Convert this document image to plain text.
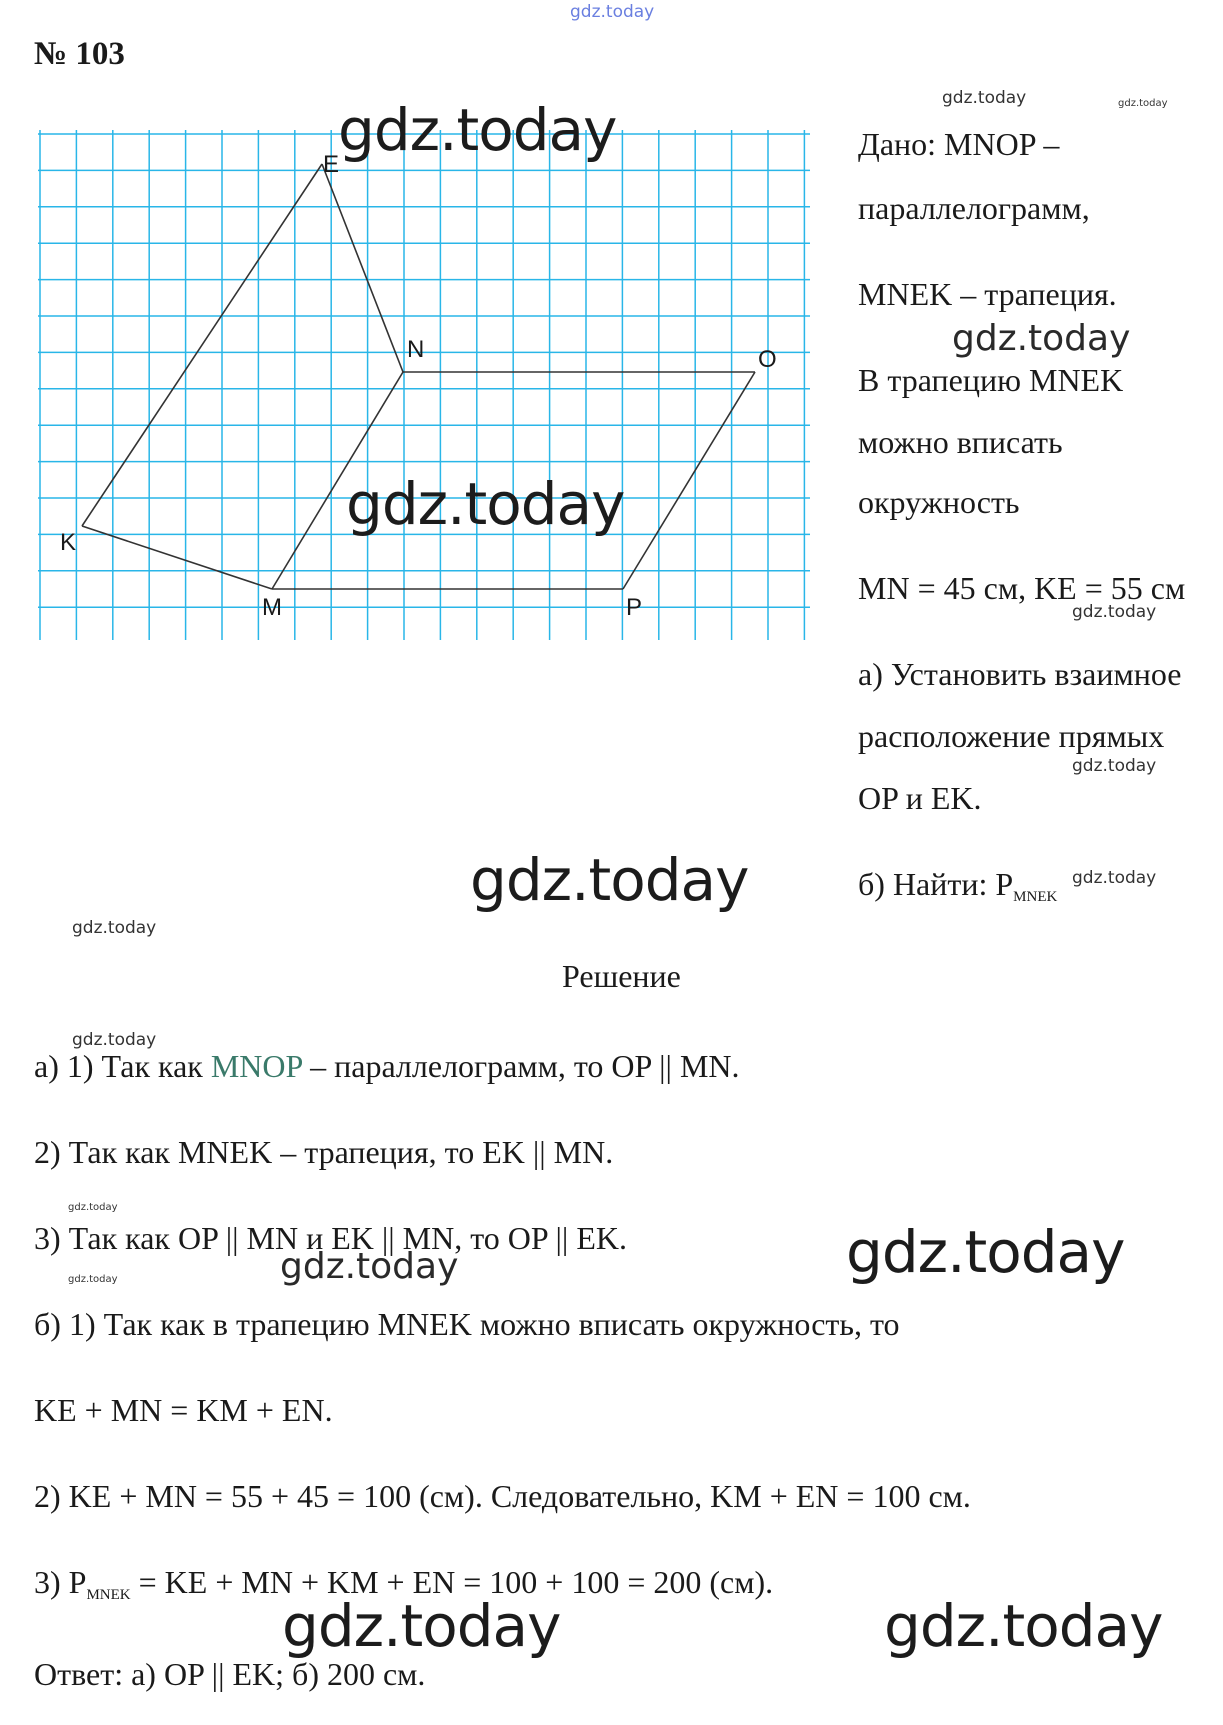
gdz.today
№ 103
E
N	O
K
M	P
gdz.today
gdz.today
gdz.today	gdz.today
Дано: MNOP –
параллелограмм,
MNEK – трапеция.
gdz.today
В трапецию MNEK
можно вписать
окружность
MN = 45 см, KE = 55 см
gdz.today
а) Установить взаимное
расположение прямых
gdz.today
OP и EK.
б) Найти: $P_{MNEK}$
gdz.today
gdz.today
gdz.today
Решение
gdz.today
а) 1) Так как MNOP – параллелограмм, то OP || MN.
2) Так как MNEK – трапеция, то EK || MN.
gdz.today
3) Так как OP || MN и EK || MN, то OP || EK.
gdz.today	gdz.today
gdz.today
б) 1) Так как в трапецию MNEK можно вписать окружность, то
KE + MN = KM + EN.
2) KE + MN = 55 + 45 = 100 (см). Следовательно, KM + EN = 100 см.
3) $P_{MNEK}$ = KE + MN + KM + EN = 100 + 100 = 200 (см).
gdz.today	gdz.today
Ответ: а) OP || EK; б) 200 см.
